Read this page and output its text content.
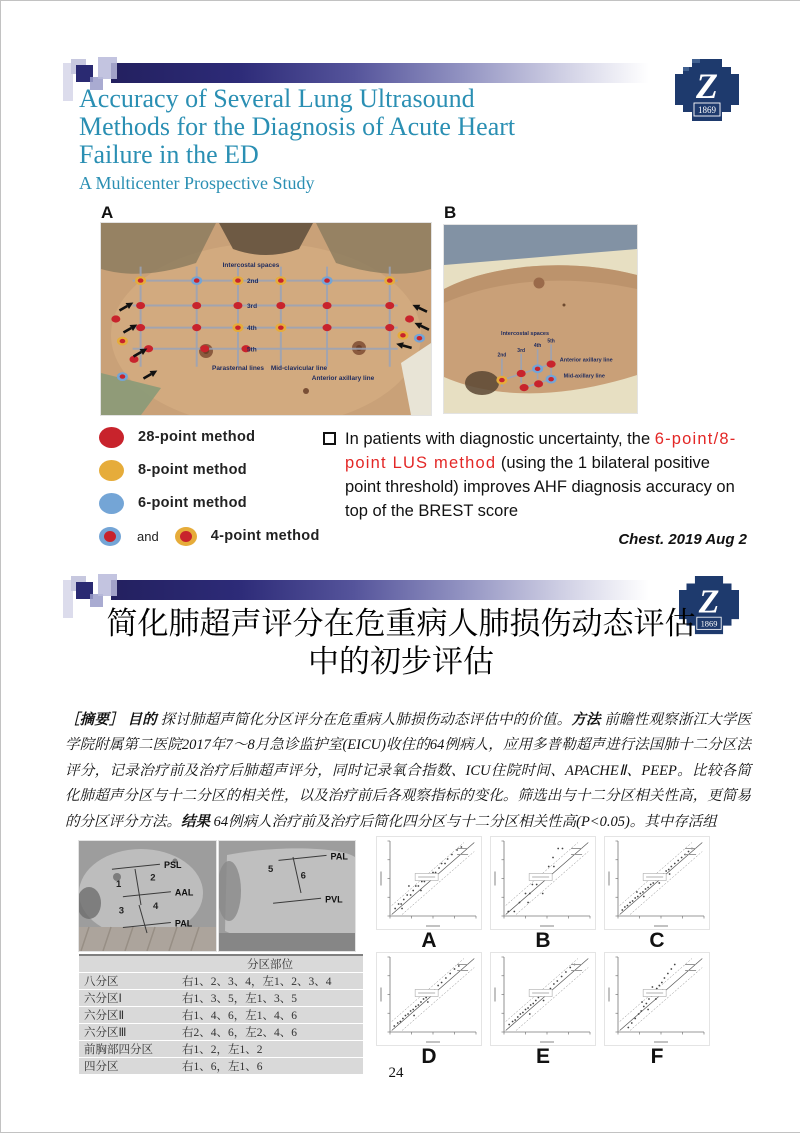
Z
1869
Accuracy of Several Lung Ultrasound
Methods for the Diagnosis of Acute Heart
Failure in the ED
A Multicenter Prospective Study
A	B
Intercostal spaces
2nd
3rd
4th
5th
Parasternal lines Mid-clavicular line
Anterior axillary line
Intercostal spaces
2nd
3rd
4th
5th
Anterior axillary line
Mid-axillary line
28-point method
8-point method
6-point method
and	4-point method
In patients with diagnostic uncertainty, the 6-point/8-point LUS method (using the 1 bilateral positive point threshold) improves AHF diagnosis accuracy on top of the BREST score
Chest. 2019 Aug 2
Z
1869
简化肺超声评分在危重病人肺损伤动态评估
中的初步评估

［摘要］ 目的 探讨肺超声简化分区评分在危重病人肺损伤动态评估中的价值。方法 前瞻性观察浙江大学医学院附属第二医院2017年7～8月急诊监护室(EICU)收住的64例病人，应用多普勒超声进行法国肺十二分区法评分，记录治疗前及治疗后肺超声评分，同时记录氧合指数、ICU住院时间、APACHEⅡ、PEEP。比较各简化肺超声分区与十二分区的相关性，以及治疗前后各观察指标的变化。筛选出与十二分区相关性高，更简易的分区评分方法。结果 64例病人治疗前及治疗后简化四分区与十二分区相关性高(P<0.05)。其中存活组

PSL
AAL
PAL
1
2
3	4
PAL
PVL
5
6
	分区部位
八分区	右1、2、3、4，左1、2、3、4
六分区Ⅰ	右1、3、5，左1、3、5
六分区Ⅱ	右1、4、6，左1、4、6
六分区Ⅲ	右2、4、6，左2、4、6
前胸部四分区	右1、2，左1、2
四分区	右1、6，左1、6
A	B	C
D	E	F
24
